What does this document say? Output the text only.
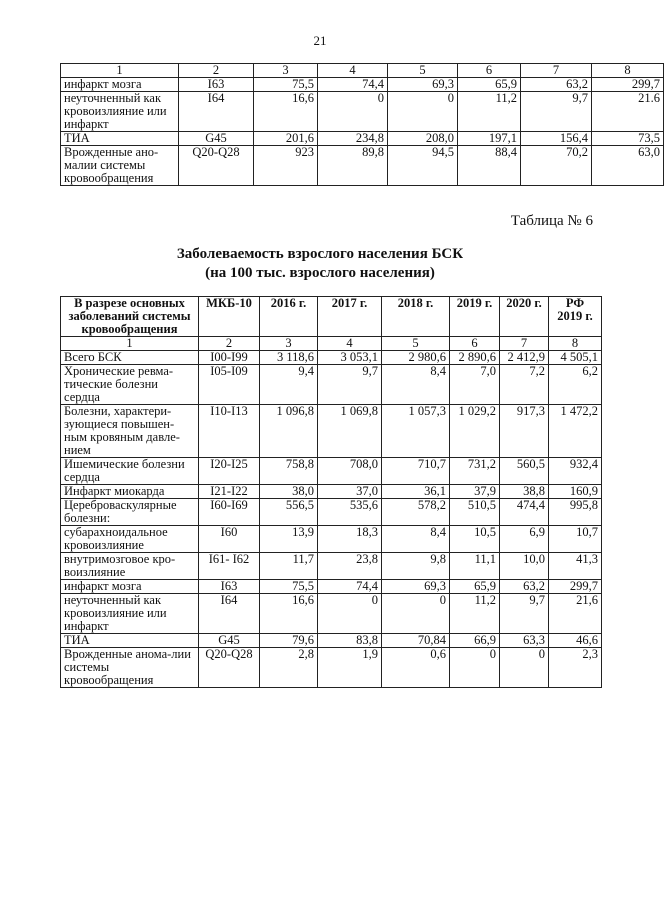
21
1	2	3	4	5	6	7	8
инфаркт мозга	I63	75,5	74,4	69,3	65,9	63,2	299,7
неуточненный как кровоизлияние или инфаркт	I64	16,6	0	0	11,2	9,7	21.6
ТИА	G45	201,6	234,8	208,0	197,1	156,4	73,5
Врожденные ано-малии системы кровообращения	Q20-Q28	923	89,8	94,5	88,4	70,2	63,0
Таблица № 6
Заболеваемость взрослого населения БСК
(на 100 тыс. взрослого населения)
В разрезе основных заболеваний системы кровообращения	МКБ-10	2016 г.	2017 г.	2018 г.	2019 г.	2020 г.	РФ 2019 г.
1	2	3	4	5	6	7	8
Всего БСК	I00-I99	3 118,6	3 053,1	2 980,6	2 890,6	2 412,9	4 505,1
Хронические ревма-тические болезни сердца	I05-I09	9,4	9,7	8,4	7,0	7,2	6,2
Болезни, характери-зующиеся повышен-ным кровяным давле-нием	I10-I13	1 096,8	1 069,8	1 057,3	1 029,2	917,3	1 472,2
Ишемические болезни сердца	I20-I25	758,8	708,0	710,7	731,2	560,5	932,4
Инфаркт миокарда	I21-I22	38,0	37,0	36,1	37,9	38,8	160,9
Цереброваскулярные болезни:	I60-I69	556,5	535,6	578,2	510,5	474,4	995,8
субарахноидальное кровоизлияние	I60	13,9	18,3	8,4	10,5	6,9	10,7
внутримозговое кро-воизлияние	I61- I62	11,7	23,8	9,8	11,1	10,0	41,3
инфаркт мозга	I63	75,5	74,4	69,3	65,9	63,2	299,7
неуточненный как кровоизлияние или инфаркт	I64	16,6	0	0	11,2	9,7	21,6
ТИА	G45	79,6	83,8	70,84	66,9	63,3	46,6
Врожденные анома-лии системы кровообращения	Q20-Q28	2,8	1,9	0,6	0	0	2,3
